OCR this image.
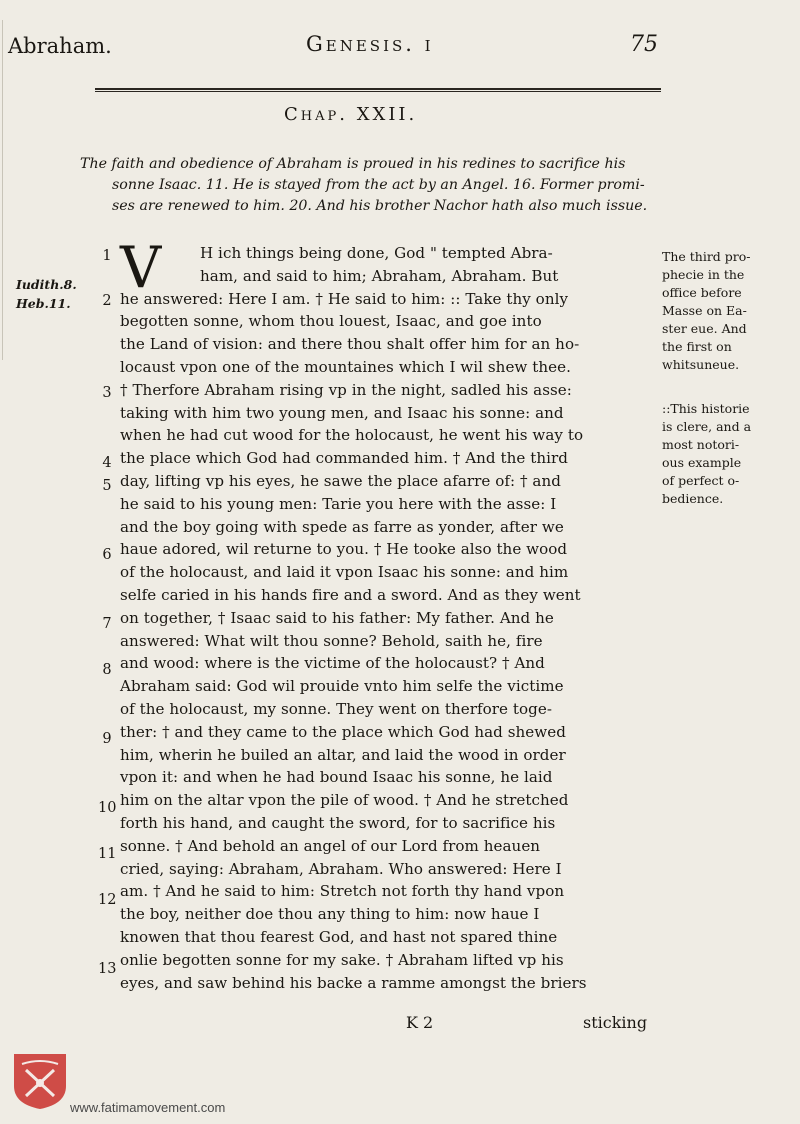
Abraham.	Genesis. i	75
Chap. XXII.
The faith and obedience of Abraham is proued in his redines to sacrifice his
sonne Isaac. 11. He is stayed from the act by an Angel. 16. Former promi-
ses are renewed to him. 20. And his brother Nachor hath also much issue.
Iudith.8.
Heb.11.
1
2
3
4
5
6
7
8
9
10
11
12
13
V	H ich things being done, God " tempted Abra-
ham, and said to him; Abraham, Abraham. But
he answered: Here I am. † He said to him: :: Take thy only
begotten sonne, whom thou louest, Isaac, and goe into
the Land of vision: and there thou shalt offer him for an ho-
locaust vpon one of the mountaines which I wil shew thee.
† Therfore Abraham rising vp in the night, sadled his asse:
taking with him two young men, and Isaac his sonne: and
when he had cut wood for the holocaust, he went his way to
the place which God had commanded him. † And the third
day, lifting vp his eyes, he sawe the place afarre of: † and
he said to his young men: Tarie you here with the asse: I
and the boy going with spede as farre as yonder, after we
haue adored, wil returne to you. † He tooke also the wood
of the holocaust, and laid it vpon Isaac his sonne: and him
selfe caried in his hands fire and a sword. And as they went
on together, † Isaac said to his father: My father. And he
answered: What wilt thou sonne? Behold, saith he, fire
and wood: where is the victime of the holocaust? † And
Abraham said: God wil prouide vnto him selfe the victime
of the holocaust, my sonne. They went on therfore toge-
ther: † and they came to the place which God had shewed
him, wherin he builed an altar, and laid the wood in order
vpon it: and when he had bound Isaac his sonne, he laid
him on the altar vpon the pile of wood. † And he stretched
forth his hand, and caught the sword, for to sacrifice his
sonne. † And behold an angel of our Lord from heauen
cried, saying: Abraham, Abraham. Who answered: Here I
am. † And he said to him: Stretch not forth thy hand vpon
the boy, neither doe thou any thing to him: now haue I
knowen that thou fearest God, and hast not spared thine
onlie begotten sonne for my sake. † Abraham lifted vp his
eyes, and saw behind his backe a ramme amongst the briers
The third pro-
phecie in the
office before
Masse on Ea-
ster eue. And
the first on
whitsuneue.
::This historie
is clere, and a
most notori-
ous example
of perfect o-
bedience.
K 2	sticking
www.fatimamovement.com
